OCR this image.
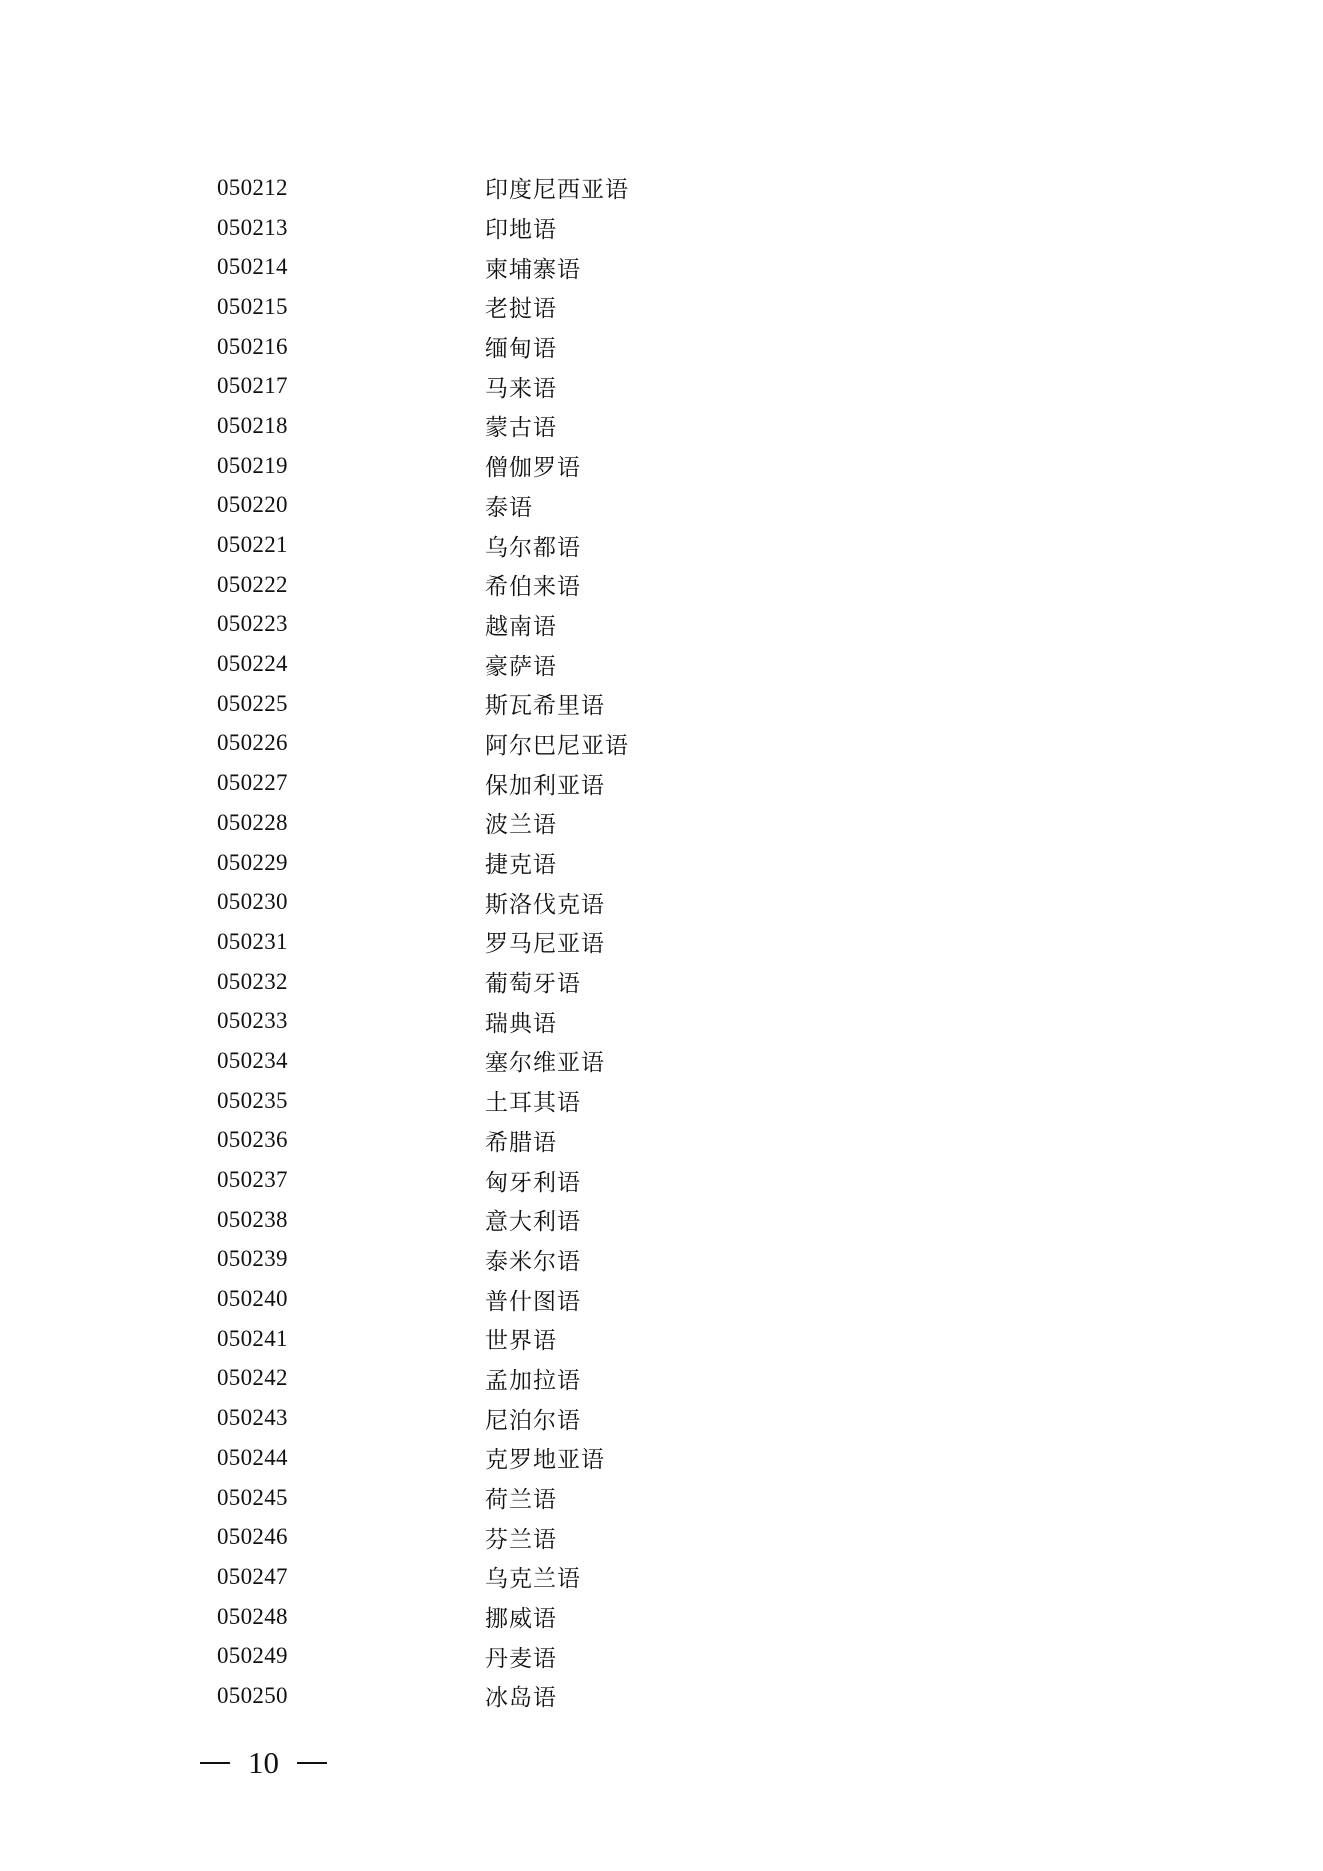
050212	印度尼西亚语
050213	印地语
050214	柬埔寨语
050215	老挝语
050216	缅甸语
050217	马来语
050218	蒙古语
050219	僧伽罗语
050220	泰语
050221	乌尔都语
050222	希伯来语
050223	越南语
050224	豪萨语
050225	斯瓦希里语
050226	阿尔巴尼亚语
050227	保加利亚语
050228	波兰语
050229	捷克语
050230	斯洛伐克语
050231	罗马尼亚语
050232	葡萄牙语
050233	瑞典语
050234	塞尔维亚语
050235	土耳其语
050236	希腊语
050237	匈牙利语
050238	意大利语
050239	泰米尔语
050240	普什图语
050241	世界语
050242	孟加拉语
050243	尼泊尔语
050244	克罗地亚语
050245	荷兰语
050246	芬兰语
050247	乌克兰语
050248	挪威语
050249	丹麦语
050250	冰岛语
10
